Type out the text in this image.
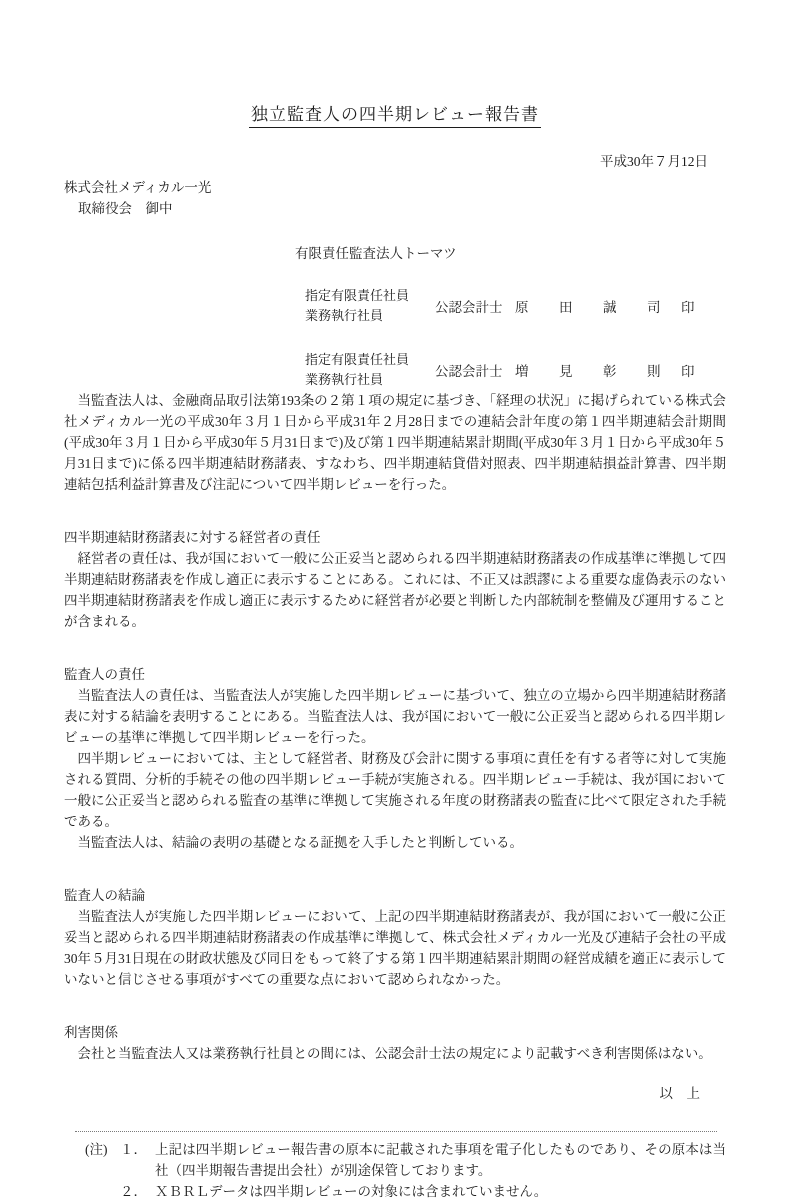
独立監査人の四半期レビュー報告書
平成30年７月12日
株式会社メディカル一光
取締役会　御中
有限責任監査法人トーマツ
指定有限責任社員
業務執行社員
公認会計士 原　田　誠　司 印
指定有限責任社員
業務執行社員
公認会計士 増　見　彰　則 印

当監査法人は、金融商品取引法第193条の２第１項の規定に基づき、「経理の状況」に掲げられている株式会社メディカル一光の平成30年３月１日から平成31年２月28日までの連結会計年度の第１四半期連結会計期間(平成30年３月１日から平成30年５月31日まで)及び第１四半期連結累計期間(平成30年３月１日から平成30年５月31日まで)に係る四半期連結財務諸表、すなわち、四半期連結貸借対照表、四半期連結損益計算書、四半期連結包括利益計算書及び注記について四半期レビューを行った。

四半期連結財務諸表に対する経営者の責任

経営者の責任は、我が国において一般に公正妥当と認められる四半期連結財務諸表の作成基準に準拠して四半期連結財務諸表を作成し適正に表示することにある。これには、不正又は誤謬による重要な虚偽表示のない四半期連結財務諸表を作成し適正に表示するために経営者が必要と判断した内部統制を整備及び運用することが含まれる。

監査人の責任

当監査法人の責任は、当監査法人が実施した四半期レビューに基づいて、独立の立場から四半期連結財務諸表に対する結論を表明することにある。当監査法人は、我が国において一般に公正妥当と認められる四半期レビューの基準に準拠して四半期レビューを行った。

四半期レビューにおいては、主として経営者、財務及び会計に関する事項に責任を有する者等に対して実施される質問、分析的手続その他の四半期レビュー手続が実施される。四半期レビュー手続は、我が国において一般に公正妥当と認められる監査の基準に準拠して実施される年度の財務諸表の監査に比べて限定された手続である。

当監査法人は、結論の表明の基礎となる証拠を入手したと判断している。

監査人の結論

当監査法人が実施した四半期レビューにおいて、上記の四半期連結財務諸表が、我が国において一般に公正妥当と認められる四半期連結財務諸表の作成基準に準拠して、株式会社メディカル一光及び連結子会社の平成30年５月31日現在の財政状態及び同日をもって終了する第１四半期連結累計期間の経営成績を適正に表示していないと信じさせる事項がすべての重要な点において認められなかった。

利害関係

会社と当監査法人又は業務執行社員との間には、公認会計士法の規定により記載すべき利害関係はない。

以　上
(注) １． 上記は四半期レビュー報告書の原本に記載された事項を電子化したものであり、その原本は当社（四半期報告書提出会社）が別途保管しております。
２． ＸＢＲＬデータは四半期レビューの対象には含まれていません。
